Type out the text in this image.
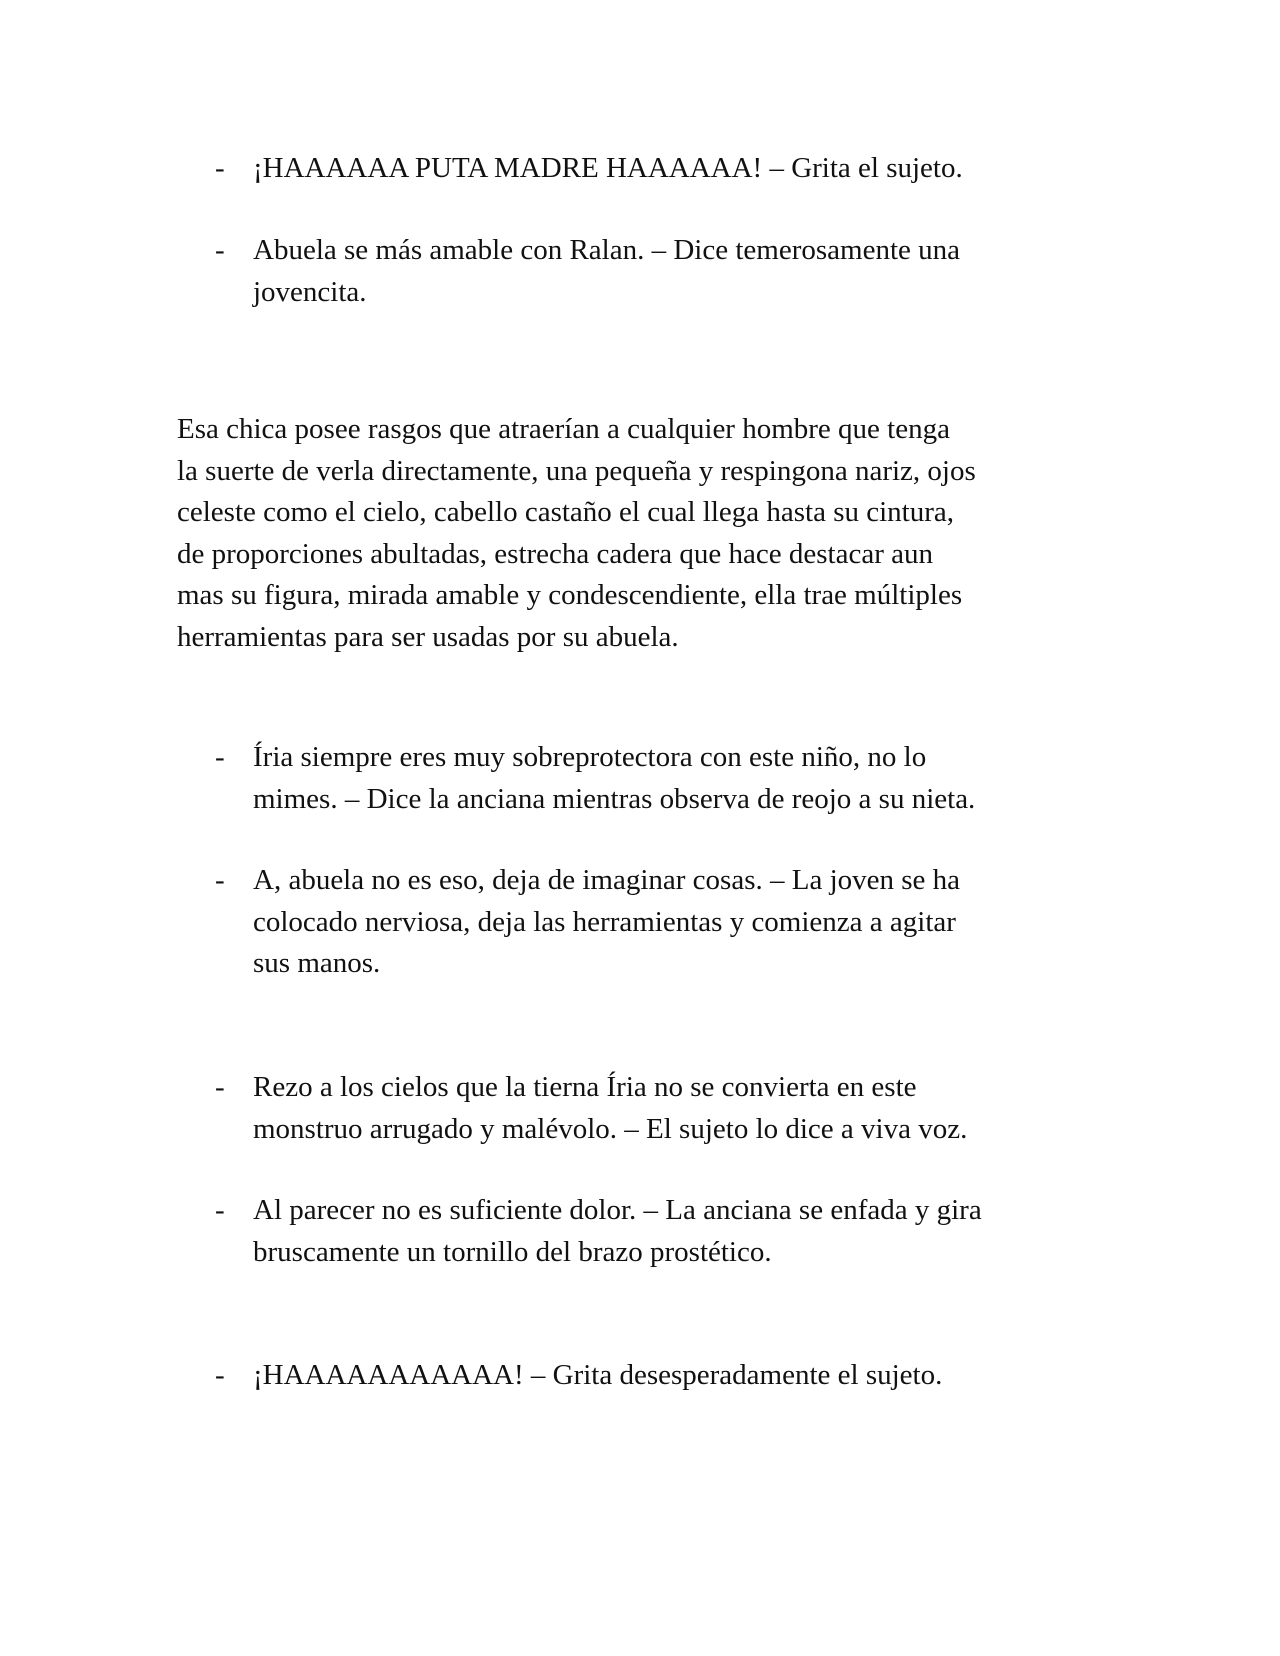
- ¡HAAAAAA PUTA MADRE HAAAAAA! – Grita el sujeto.
- Abuela se más amable con Ralan. – Dice temerosamente una
jovencita.
Esa chica posee rasgos que atraerían a cualquier hombre que tenga
la suerte de verla directamente, una pequeña y respingona nariz, ojos
celeste como el cielo, cabello castaño el cual llega hasta su cintura,
de proporciones abultadas, estrecha cadera que hace destacar aun
mas su figura, mirada amable y condescendiente, ella trae múltiples
herramientas para ser usadas por su abuela.
- Íria siempre eres muy sobreprotectora con este niño, no lo
mimes. – Dice la anciana mientras observa de reojo a su nieta.
- A, abuela no es eso, deja de imaginar cosas. – La joven se ha
colocado nerviosa, deja las herramientas y comienza a agitar
sus manos.
- Rezo a los cielos que la tierna Íria no se convierta en este
monstruo arrugado y malévolo. – El sujeto lo dice a viva voz.
- Al parecer no es suficiente dolor. – La anciana se enfada y gira
bruscamente un tornillo del brazo prostético.
- ¡HAAAAAAAAAAA! – Grita desesperadamente el sujeto.
